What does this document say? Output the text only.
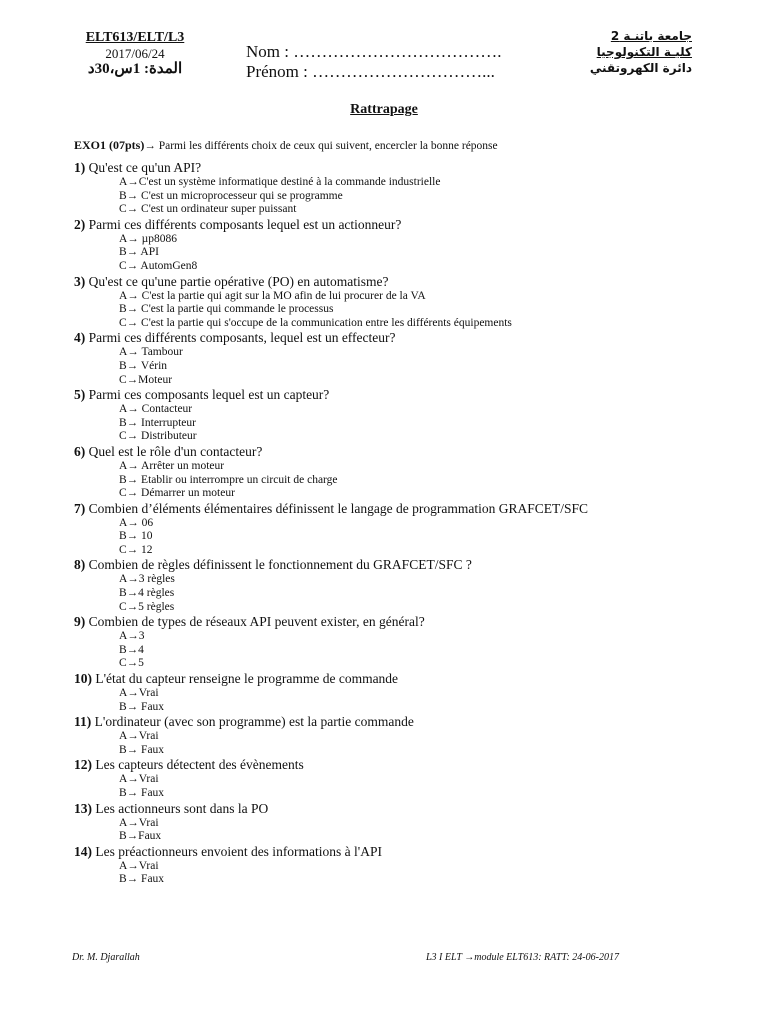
ELT613/ELT/L3
2017/06/24
المدة: 1س،30د
Nom : ……………………………….
Prénom : …………………………...
جامعة باتنـة 2
كليـة التكنولوجيا
دائرة الكهروتقني
Rattrapage
EXO1 (07pts)→ Parmi les différents choix de ceux qui suivent, encercler la bonne réponse
1) Qu'est ce qu'un API?
A→C'est un système informatique destiné à la commande industrielle
B→ C'est un microprocesseur qui se programme
C→ C'est un ordinateur super puissant
2) Parmi ces différents composants lequel est un actionneur?
A→ µp8086
B→ API
C→ AutomGen8
3) Qu'est ce qu'une partie opérative (PO) en automatisme?
A→ C'est la partie qui agit sur la MO afin de lui procurer de la VA
B→ C'est la partie qui commande le processus
C→ C'est la partie qui s'occupe de la communication entre les différents équipements
4) Parmi ces différents composants, lequel est un effecteur?
A→ Tambour
B→ Vérin
C→Moteur
5) Parmi ces composants lequel est un capteur?
A→ Contacteur
B→ Interrupteur
C→ Distributeur
6) Quel est le rôle d'un contacteur?
A→ Arrêter un moteur
B→ Etablir ou interrompre un circuit de charge
C→ Démarrer un moteur
7) Combien d’éléments élémentaires définissent le langage de programmation GRAFCET/SFC
A→ 06
B→ 10
C→ 12
8) Combien de règles définissent le fonctionnement du GRAFCET/SFC ?
A→3 règles
B→4 règles
C→5 règles
9) Combien de types de réseaux API peuvent exister, en général?
A→3
B→4
C→5
10) L'état du capteur renseigne le programme de commande
A→Vrai
B→ Faux
11) L'ordinateur (avec son programme) est la partie commande
A→Vrai
B→ Faux
12) Les capteurs détectent des évènements
A→Vrai
B→ Faux
13) Les actionneurs sont dans la PO
A→Vrai
B→Faux
14) Les préactionneurs envoient des informations à l'API
A→Vrai
B→ Faux
Dr. M. Djarallah	L3 I ELT →module ELT613: RATT: 24-06-2017
